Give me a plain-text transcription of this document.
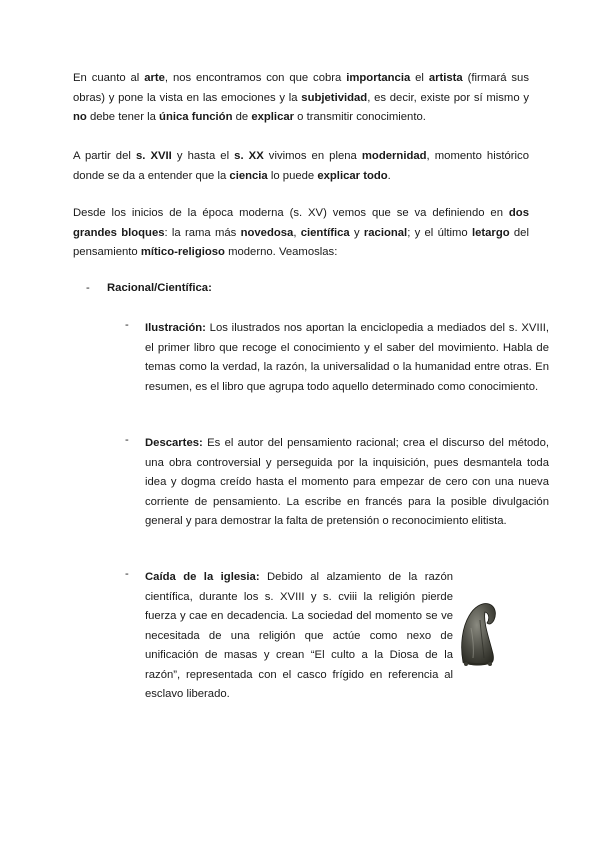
En cuanto al arte, nos encontramos con que cobra importancia el artista (firmará sus obras) y pone la vista en las emociones y la subjetividad, es decir, existe por sí mismo y no debe tener la única función de explicar o transmitir conocimiento.

A partir del s. XVII y hasta el s. XX vivimos en plena modernidad, momento histórico donde se da a entender que la ciencia lo puede explicar todo.

Desde los inicios de la época moderna (s. XV) vemos que se va definiendo en dos grandes bloques: la rama más novedosa, científica y racional; y el último letargo del pensamiento mítico-religioso moderno. Veamoslas:

- Racional/Científica:
- Ilustración: Los ilustrados nos aportan la enciclopedia a mediados del s. XVIII, el primer libro que recoge el conocimiento y el saber del movimiento. Habla de temas como la verdad, la razón, la universalidad o la humanidad entre otras. En resumen, es el libro que agrupa todo aquello determinado como conocimiento.

- Descartes: Es el autor del pensamiento racional; crea el discurso del método, una obra controversial y perseguida por la inquisición, pues desmantela toda idea y dogma creído hasta el momento para empezar de cero con una nueva corriente de pensamiento. La escribe en francés para la posible divulgación general y para demostrar la falta de pretensión o reconocimiento elitista.

- Caída de la iglesia: Debido al alzamiento de la razón científica, durante los s. XVIII y s. cviii la religión pierde fuerza y cae en decadencia. La sociedad del momento se ve necesitada de una religión que actúe como nexo de unificación de masas y crean “El culto a la Diosa de la razón”, representada con el casco frígido en referencia al esclavo liberado.
